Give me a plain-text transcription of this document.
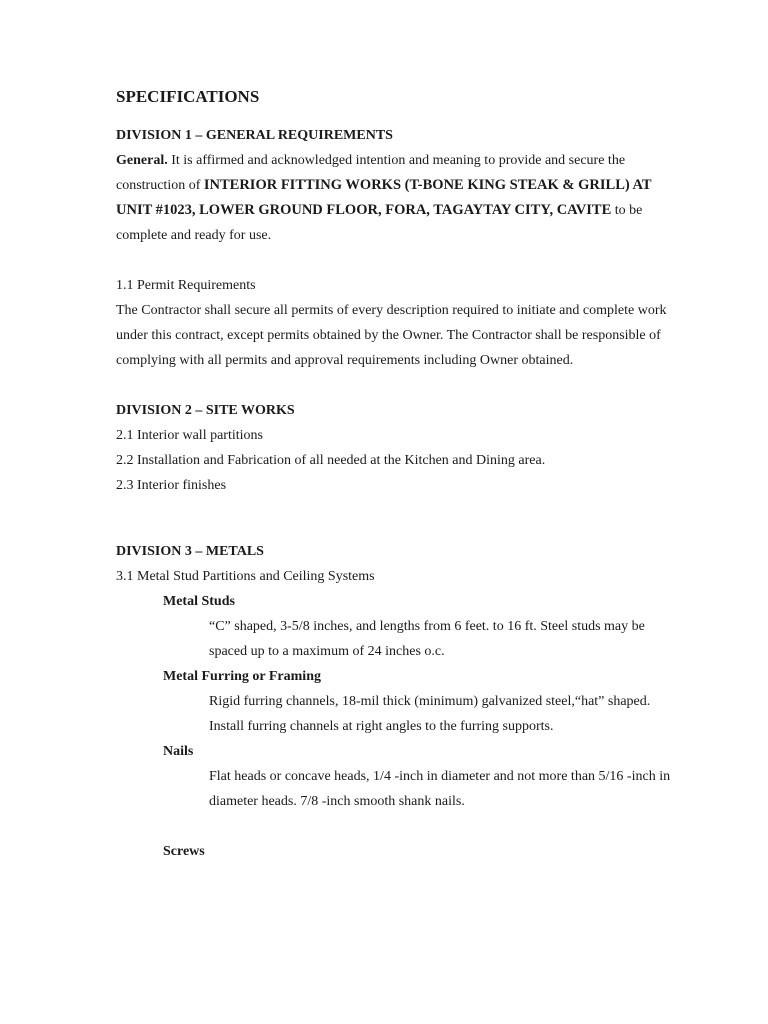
SPECIFICATIONS
DIVISION 1 – GENERAL REQUIREMENTS
General. It is affirmed and acknowledged intention and meaning to provide and secure the construction of INTERIOR FITTING WORKS (T-BONE KING STEAK & GRILL) AT UNIT #1023, LOWER GROUND FLOOR, FORA, TAGAYTAY CITY, CAVITE to be complete and ready for use.
1.1 Permit Requirements
The Contractor shall secure all permits of every description required to initiate and complete work under this contract, except permits obtained by the Owner. The Contractor shall be responsible of complying with all permits and approval requirements including Owner obtained.
DIVISION 2 – SITE WORKS
2.1 Interior wall partitions
2.2 Installation and Fabrication of all needed at the Kitchen and Dining area.
2.3 Interior finishes
DIVISION 3 – METALS
3.1 Metal Stud Partitions and Ceiling Systems
Metal Studs
“C” shaped, 3-5/8 inches, and lengths from 6 feet. to 16 ft. Steel studs may be spaced up to a maximum of 24 inches o.c.
Metal Furring or Framing
Rigid furring channels, 18-mil thick (minimum) galvanized steel,“hat” shaped. Install furring channels at right angles to the furring supports.
Nails
Flat heads or concave heads, 1/4 -inch in diameter and not more than 5/16 -inch in diameter heads. 7/8 -inch smooth shank nails.
Screws
